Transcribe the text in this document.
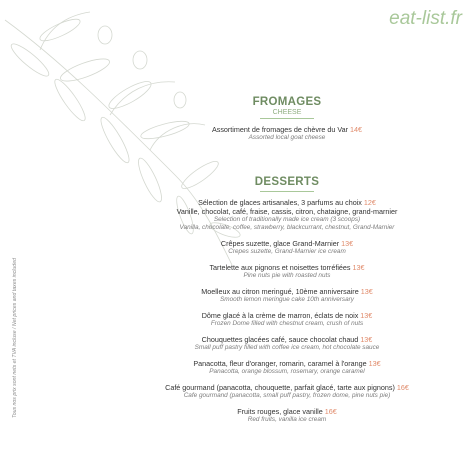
eat-list.fr
Tous nos prix sont nets et TVA incluse / Net prices and taxes included
FROMAGES
CHEESE
Assortiment de fromages de chèvre du Var 14€
Assorted local goat cheese
DESSERTS
Sélection de glaces artisanales, 3 parfums au choix 12€
Vanille, chocolat, café, fraise, cassis, citron, chataigne, grand-marnier
Selection of traditionally made ice cream (3 scoops)
Vanilla, chocolate, coffee, strawberry, blackcurrant, chestnut, Grand-Marnier
Crêpes suzette, glace Grand-Marnier 13€
Crepes suzette, Grand-Marnier ice cream
Tartelette aux pignons et noisettes torréfiées 13€
Pine nuts pie with roasted nuts
Moelleux au citron meringué, 10ème anniversaire 13€
Smooth lemon meringue cake 10th anniversary
Dôme glacé à la crème de marron, éclats de noix 13€
Frozen Dome filled with chestnut cream, crush of nuts
Chouquettes glacées café, sauce chocolat chaud 13€
Small puff pastry filled with coffee ice cream, hot chocolate sauce
Panacotta, fleur d'oranger, romarin, caramel à l'orange 13€
Panacotta, orange blossum, rosemary, orange caramel
Café gourmand (panacotta, chouquette, parfait glacé, tarte aux pignons) 16€
Cafe gourmand (panacotta, small puff pastry, frozen dome, pine nuts pie)
Fruits rouges, glace vanille 16€
Red fruits, vanilla ice cream
